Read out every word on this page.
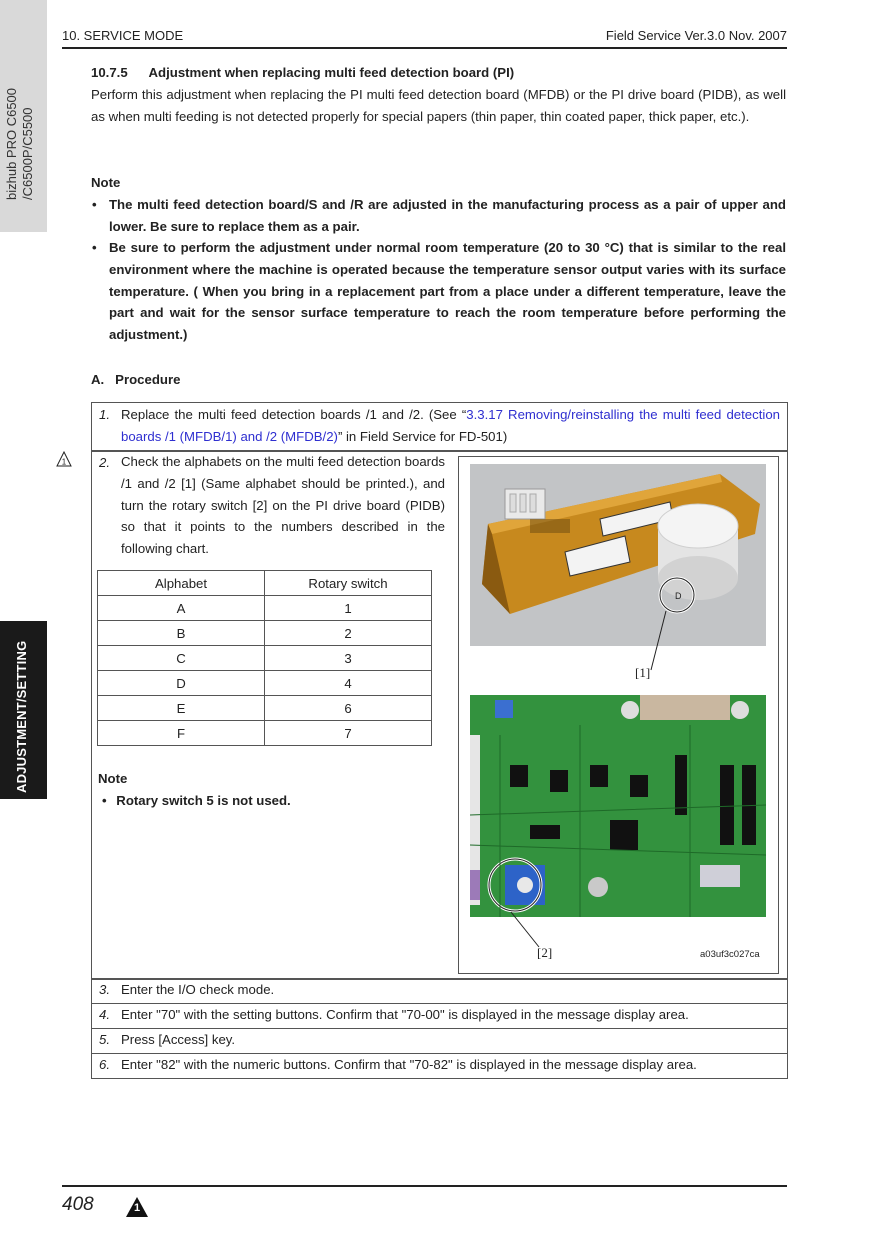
10. SERVICE MODE	Field Service Ver.3.0 Nov. 2007
bizhub PRO C6500 /C6500P/C5500
ADJUSTMENT/SETTING
10.7.5 Adjustment when replacing multi feed detection board (PI)
Perform this adjustment when replacing the PI multi feed detection board (MFDB) or the PI drive board (PIDB), as well as when multi feeding is not detected properly for special papers (thin paper, thin coated paper, thick paper, etc.).
Note
• The multi feed detection board/S and /R are adjusted in the manufacturing process as a pair of upper and lower. Be sure to replace them as a pair.
• Be sure to perform the adjustment under normal room temperature (20 to 30 °C) that is similar to the real environment where the machine is operated because the temperature sensor output varies with its surface temperature. ( When you bring in a replacement part from a place under a different temperature, leave the part and wait for the sensor surface temperature to reach the room temperature before performing the adjustment.)
A.   Procedure
1. Replace the multi feed detection boards /1 and /2. (See “3.3.17 Removing/reinstalling the multi feed detection boards /1 (MFDB/1) and /2 (MFDB/2)” in Field Service for FD-501)
1 2. Check the alphabets on the multi feed detection boards /1 and /2 [1] (Same alphabet should be printed.), and turn the rotary switch [2] on the PI drive board (PIDB) so that it points to the numbers described in the following chart.
Alphabet	Rotary switch
A	1
B	2
C	3
D	4
E	6
F	7
Note
• Rotary switch 5 is not used.
D
[1]
[2]	a03uf3c027ca
3. Enter the I/O check mode.
4. Enter "70" with the setting buttons. Confirm that "70-00" is displayed in the message display area.
5. Press [Access] key.
6. Enter "82" with the numeric buttons. Confirm that "70-82" is displayed in the message display area.
408	1
